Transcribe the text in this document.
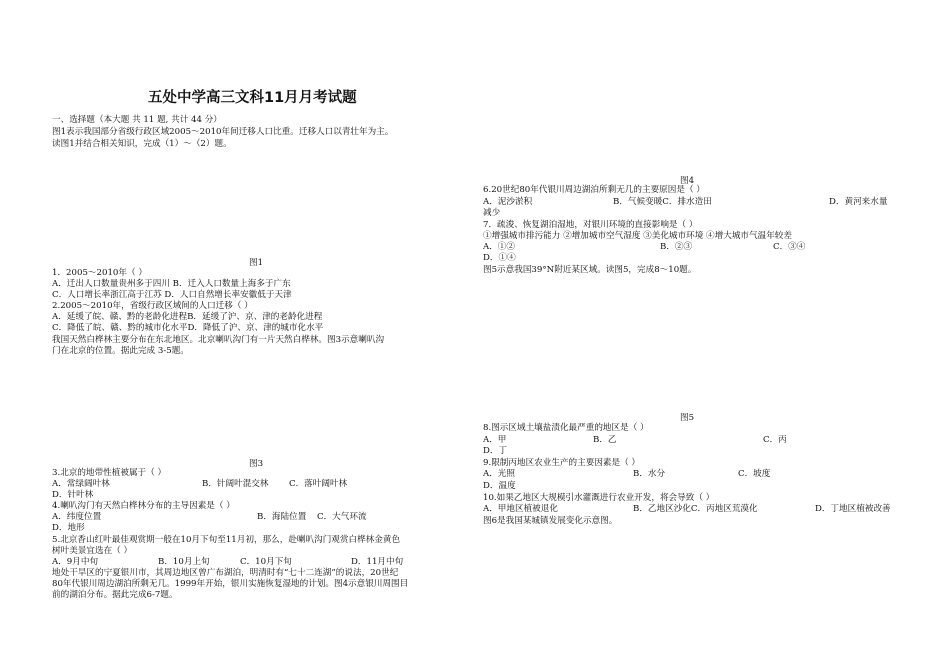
五处中学高三文科11月月考试题
一、选择题（本大题 共 11 题, 共计 44 分）
图1表示我国部分省级行政区域2005～2010年间迁移人口比重。迁移人口以青壮年为主。
读图1并结合相关知识，完成（1）～（2）题。
图1
1．2005～2010年（ ）
A．迁出人口数量贵州多于四川 B．迁入人口数量上海多于广东
C．人口增长率浙江高于江苏 D．人口自然增长率安徽低于天津
2.2005～2010年，省级行政区域间的人口迁移（ ）
A．延缓了皖、赣、黔的老龄化进程B．延缓了沪、京、津的老龄化进程
C．降低了皖、赣、黔的城市化水平D．降低了沪、京、津的城市化水平
我国天然白桦林主要分布在东北地区。北京喇叭沟门有一片天然白桦林。图3示意喇叭沟
门在北京的位置。据此完成 3-5题。
图3
3.北京的地带性植被属于（ ）
A．常绿阔叶林	B．针阔叶混交林 C．落叶阔叶林
D．针叶林
4.喇叭沟门有天然白桦林分布的主导因素是（ ）
A．纬度位置	B．海陆位置 C．大气环流
D．地形
5.北京香山红叶最佳观赏期一般在10月下旬至11月初，那么，赴喇叭沟门观赏白桦林金黄色
树叶美景宜选在（ ）
A．9月中旬	B．10月上旬	C．10月下旬	D．11月中旬
地处干旱区的宁夏银川市，其周边地区曾广布湖泊，明清时有“七十二连湖”的说法，20世纪
80年代银川周边湖泊所剩无几。1999年开始，银川实施恢复湿地的计划。图4示意银川周围目
前的湖泊分布。据此完成6-7题。
图4
6.20世纪80年代银川周边湖泊所剩无几的主要原因是（ ）
A．泥沙淤积	B．气候变暖C．排水造田	D．黄河来水量
减少
7．疏浚、恢复湖泊湿地，对银川环境的直接影响是（ ）
①增强城市排污能力 ②增加城市空气湿度 ③美化城市环境 ④增大城市气温年较差
A．①②	B．②③	C．③④
D．①④
图5示意我国39°N附近某区域。读图5，完成8～10题。
图5
8.图示区域土壤盐渍化最严重的地区是（ ）
A．甲	B．乙	C．丙
D．丁
9.限制丙地区农业生产的主要因素是（ ）
A．光照	B．水分	C．坡度
D．温度
10.如果乙地区大规模引水灌溉进行农业开发，将会导致（ ）
A．甲地区植被退化	B．乙地区沙化C．丙地区荒漠化	D．丁地区植被改善
图6是我国某城镇发展变化示意图。
